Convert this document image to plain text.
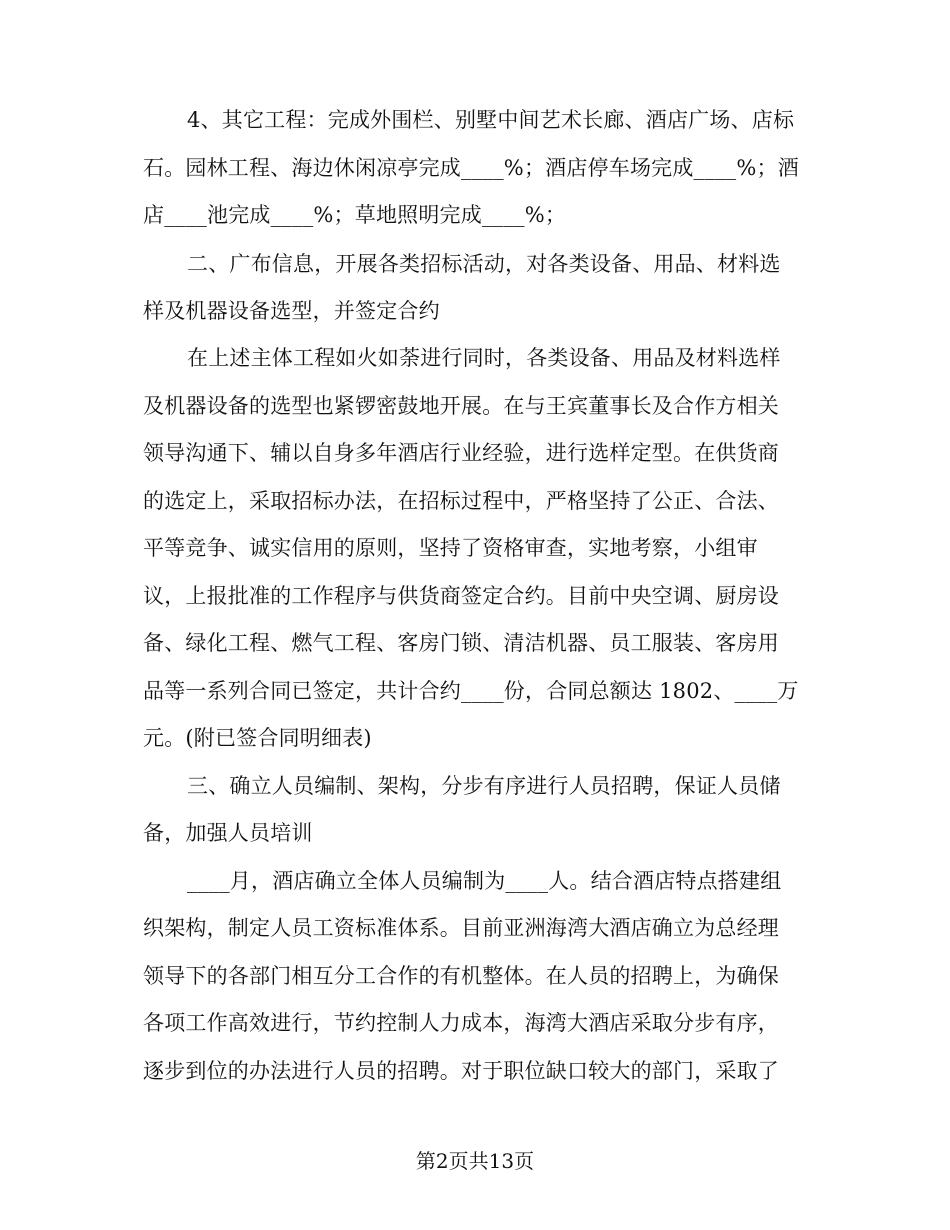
4、其它工程：完成外围栏、别墅中间艺术长廊、酒店广场、店标
石。园林工程、海边休闲凉亭完成____%；酒店停车场完成____%；酒
店____池完成____%；草地照明完成____%；
二、广布信息，开展各类招标活动，对各类设备、用品、材料选
样及机器设备选型，并签定合约
在上述主体工程如火如荼进行同时，各类设备、用品及材料选样
及机器设备的选型也紧锣密鼓地开展。在与王宾董事长及合作方相关
领导沟通下、辅以自身多年酒店行业经验，进行选样定型。在供货商
的选定上，采取招标办法，在招标过程中，严格坚持了公正、合法、
平等竞争、诚实信用的原则，坚持了资格审查，实地考察，小组审
议，上报批准的工作程序与供货商签定合约。目前中央空调、厨房设
备、绿化工程、燃气工程、客房门锁、清洁机器、员工服装、客房用
品等一系列合同已签定，共计合约____份，合同总额达 1802、____万
元。(附已签合同明细表)
三、确立人员编制、架构，分步有序进行人员招聘，保证人员储
备，加强人员培训
____月，酒店确立全体人员编制为____人。结合酒店特点搭建组
织架构，制定人员工资标准体系。目前亚洲海湾大酒店确立为总经理
领导下的各部门相互分工合作的有机整体。在人员的招聘上，为确保
各项工作高效进行，节约控制人力成本，海湾大酒店采取分步有序，
逐步到位的办法进行人员的招聘。对于职位缺口较大的部门，采取了
第2页共13页
